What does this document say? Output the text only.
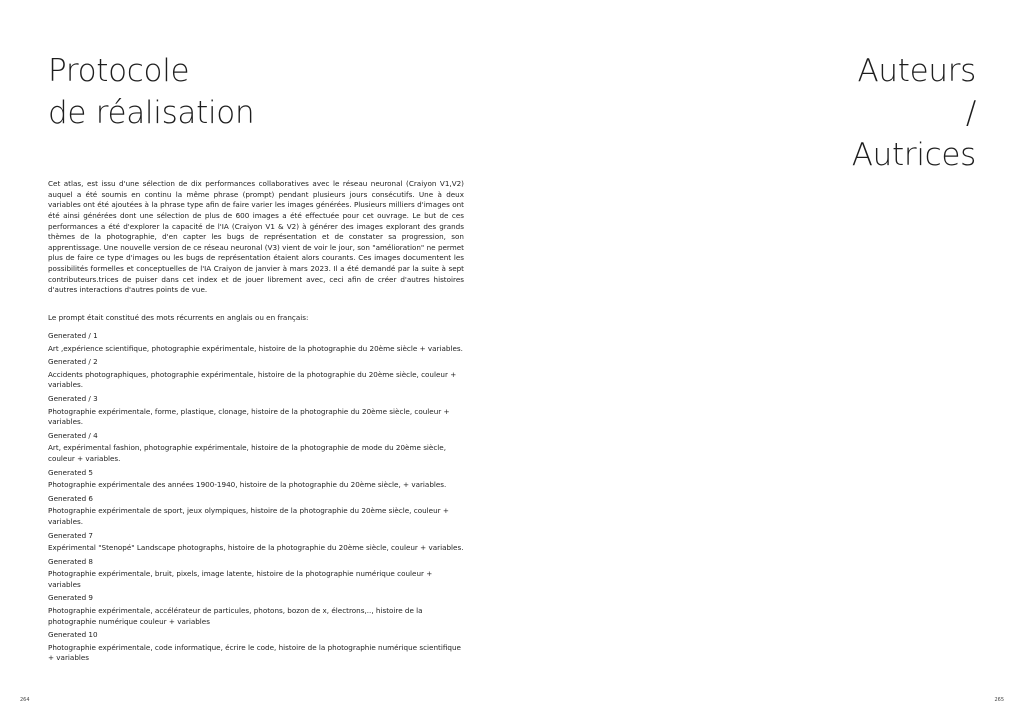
Protocole
de réalisation

Cet atlas, est issu d'une sélection de dix performances collaboratives avec le réseau neuronal (Craiyon V1,V2) auquel a été soumis en continu la même phrase (prompt) pendant plusieurs jours consécutifs. Une à deux variables ont été ajoutées à la phrase type afin de faire varier les images générées. Plusieurs milliers d'images ont été ainsi générées dont une sélection de plus de 600 images a été effectuée pour cet ouvrage. Le but de ces performances a été d'explorer la capacité de l'IA (Craiyon V1 & V2) à générer des images explorant des grands thèmes de la photographie, d'en capter les bugs de représentation et de constater sa progression, son apprentissage. Une nouvelle version de ce réseau neuronal (V3) vient de voir le jour, son "amélioration" ne permet plus de faire ce type d'images ou les bugs de représentation étaient alors courants. Ces images documentent les possibilités formelles et conceptuelles de l'IA Craiyon de janvier à mars 2023. Il a été demandé par la suite à sept contributeurs.trices de puiser dans cet index et de jouer librement avec, ceci afin de créer d'autres histoires d'autres interactions d'autres points de vue.

Le prompt était constitué des mots récurrents en anglais ou en français:

Generated / 1
Art ,expérience scientifique, photographie expérimentale, histoire de la photographie du 20ème siècle + variables.
Generated / 2
Accidents photographiques, photographie expérimentale, histoire de la photographie du 20ème siècle, couleur + variables.
Generated / 3
Photographie expérimentale, forme, plastique, clonage, histoire de la photographie du 20ème siècle, couleur + variables.
Generated / 4
Art, expérimental fashion, photographie expérimentale, histoire de la photographie de mode du 20ème siècle, couleur + variables.
Generated 5
Photographie expérimentale des années 1900-1940, histoire de la photographie du 20ème siècle, + variables.
Generated 6
Photographie expérimentale de sport, jeux olympiques, histoire de la photographie du 20ème siècle, couleur + variables.
Generated 7
Expérimental "Stenopé" Landscape photographs, histoire de la photographie du 20ème siècle, couleur + variables.
Generated 8
Photographie expérimentale, bruit, pixels, image latente, histoire de la photographie numérique couleur + variables
Generated 9
Photographie expérimentale, accélérateur de particules, photons, bozon de x, électrons,.., histoire de la photographie numérique couleur + variables
Generated 10
Photographie expérimentale, code informatique, écrire le code, histoire de la photographie numérique scientifique + variables
264
Auteurs
/
Autrices
265
